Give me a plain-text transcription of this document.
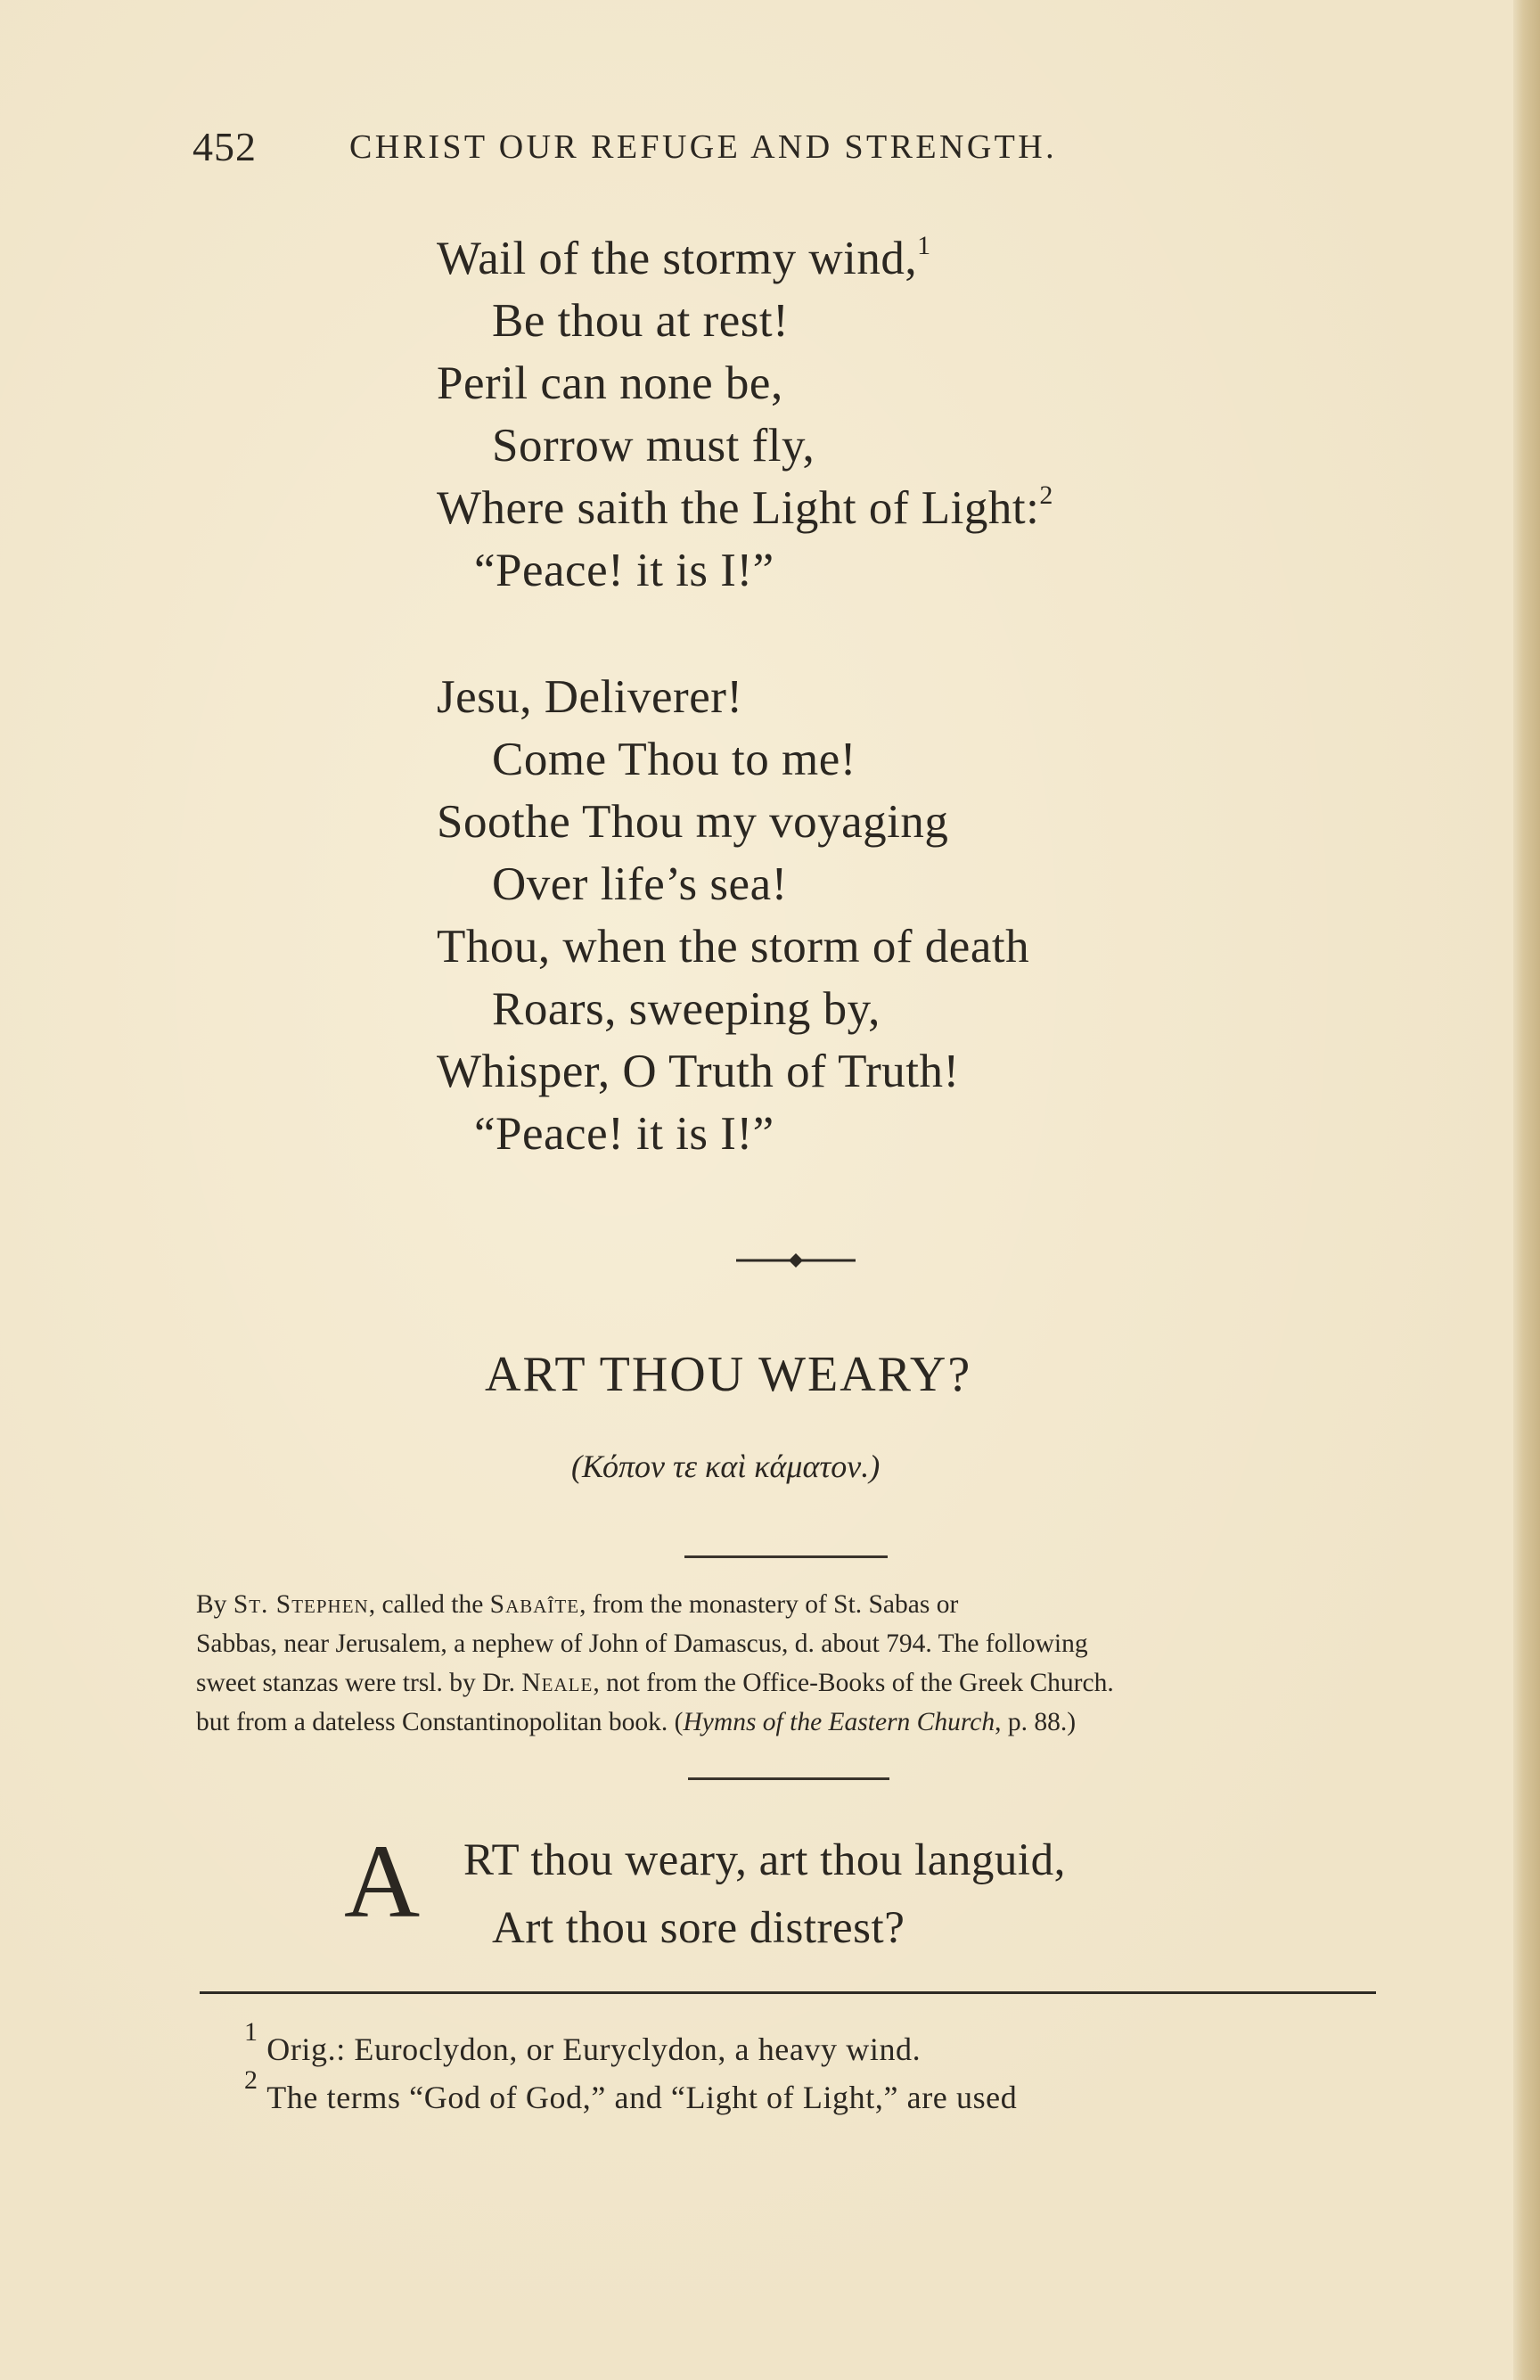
452	CHRIST OUR REFUGE AND STRENGTH.
Wail of the stormy wind,$^1$
Be thou at rest!
Peril can none be,
Sorrow must fly,
Where saith the Light of Light:$^2$
“Peace! it is I!”
Jesu, Deliverer!
Come Thou to me!
Soothe Thou my voyaging
Over life’s sea!
Thou, when the storm of death
Roars, sweeping by,
Whisper, O Truth of Truth!
“Peace! it is I!”
ART THOU WEARY?
(Κόπον τε καὶ κάματον.)
By St. Stephen, called the Sabaîte, from the monastery of St. Sabas or
Sabbas, near Jerusalem, a nephew of John of Damascus, d. about 794. The following
sweet stanzas were trsl. by Dr. Neale, not from the Office-Books of the Greek Church.
but from a dateless Constantinopolitan book. (Hymns of the Eastern Church, p. 88.)
A RT thou weary, art thou languid,
Art thou sore distrest?
$^1$ Orig.: Euroclydon, or Euryclydon, a heavy wind.
$^2$ The terms “God of God,” and “Light of Light,” are used
